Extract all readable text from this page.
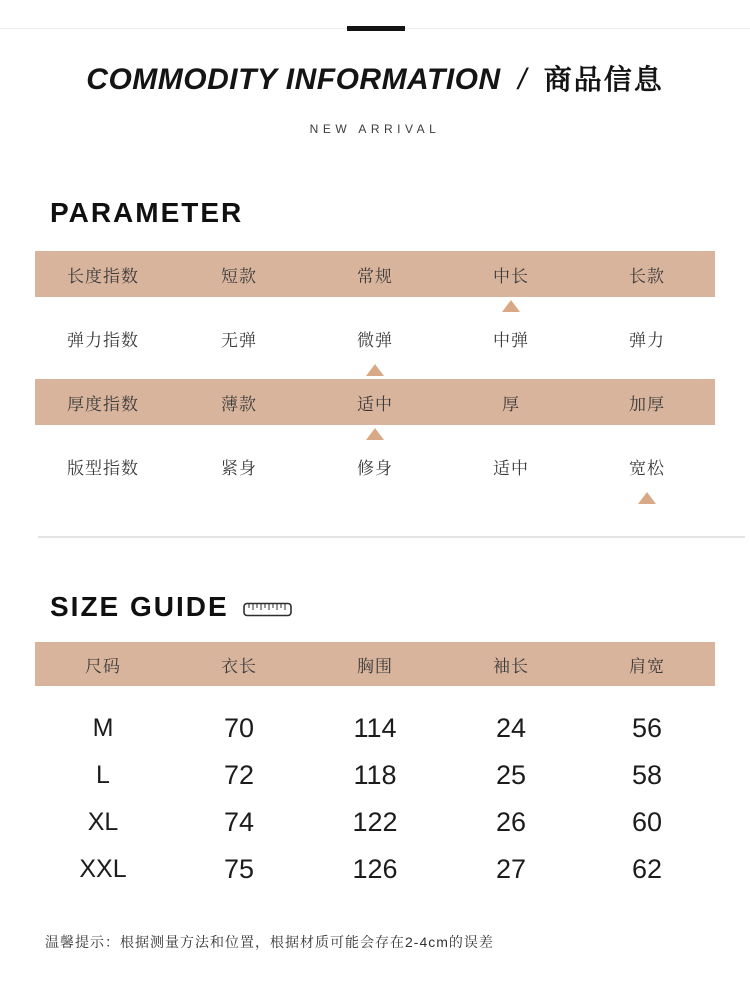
COMMODITY INFORMATION / 商品信息
NEW ARRIVAL
PARAMETER
长度指数	短款	常规	中长	长款
弹力指数	无弹	微弹	中弹	弹力
厚度指数	薄款	适中	厚	加厚
版型指数	紧身	修身	适中	宽松
SIZE GUIDE
尺码	衣长	胸围	袖长	肩宽
M	70	114	24	56
L	72	118	25	58
XL	74	122	26	60
XXL	75	126	27	62
温馨提示：根据测量方法和位置，根据材质可能会存在2-4cm的误差
